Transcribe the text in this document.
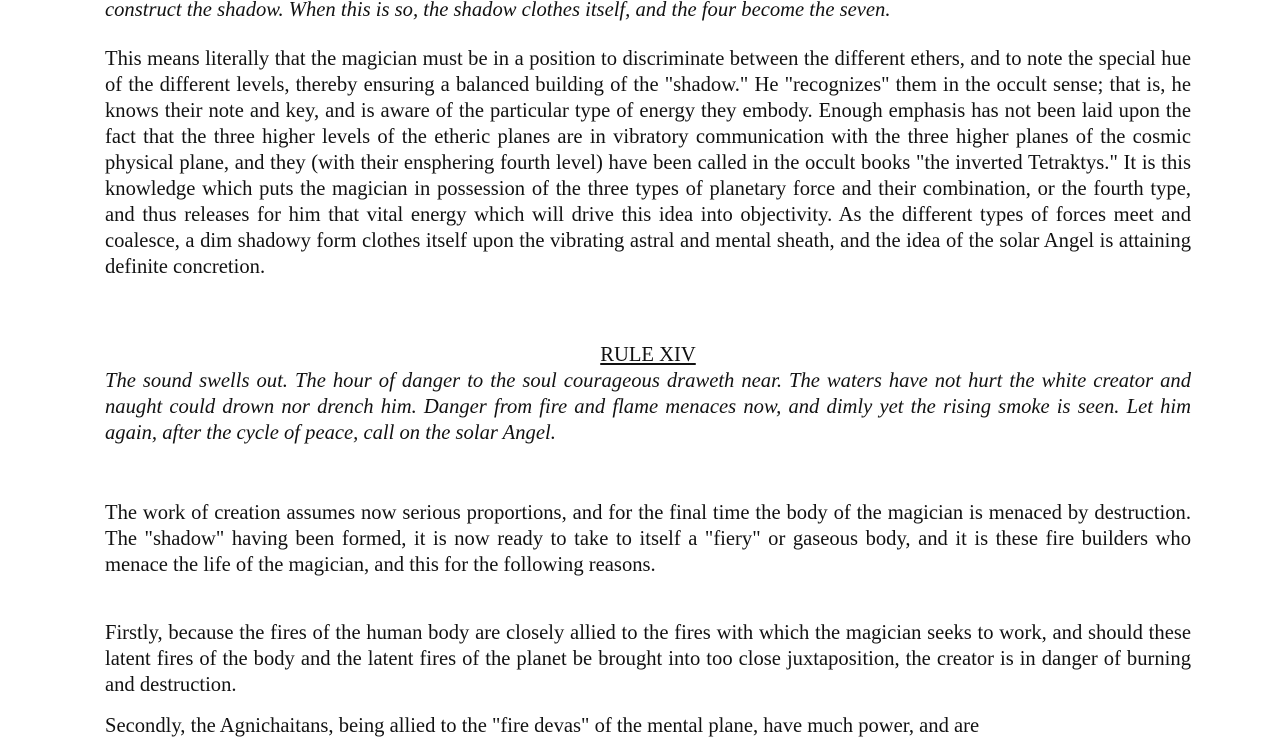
construct the shadow. When this is so, the shadow clothes itself, and the four become the seven.

This means literally that the magician must be in a position to discriminate between the different ethers, and to note the special hue of the different levels, thereby ensuring a balanced building of the "shadow." He "recognizes" them in the occult sense; that is, he knows their note and key, and is aware of the particular type of energy they embody. Enough emphasis has not been laid upon the fact that the three higher levels of the etheric planes are in vibratory communication with the three higher planes of the cosmic physical plane, and they (with their ensphering fourth level) have been called in the occult books "the inverted Tetraktys." It is this knowledge which puts the magician in possession of the three types of planetary force and their combination, or the fourth type, and thus releases for him that vital energy which will drive this idea into objectivity. As the different types of forces meet and coalesce, a dim shadowy form clothes itself upon the vibrating astral and mental sheath, and the idea of the solar Angel is attaining definite concretion.

RULE XIV

The sound swells out. The hour of danger to the soul courageous draweth near. The waters have not hurt the white creator and naught could drown nor drench him. Danger from fire and flame menaces now, and dimly yet the rising smoke is seen. Let him again, after the cycle of peace, call on the solar Angel.

The work of creation assumes now serious proportions, and for the final time the body of the magician is menaced by destruction. The "shadow" having been formed, it is now ready to take to itself a "fiery" or gaseous body, and it is these fire builders who menace the life of the magician, and this for the following reasons.

Firstly, because the fires of the human body are closely allied to the fires with which the magician seeks to work, and should these latent fires of the body and the latent fires of the planet be brought into too close juxtaposition, the creator is in danger of burning and destruction.

Secondly, the Agnichaitans, being allied to the "fire devas" of the mental plane, have much power, and are
